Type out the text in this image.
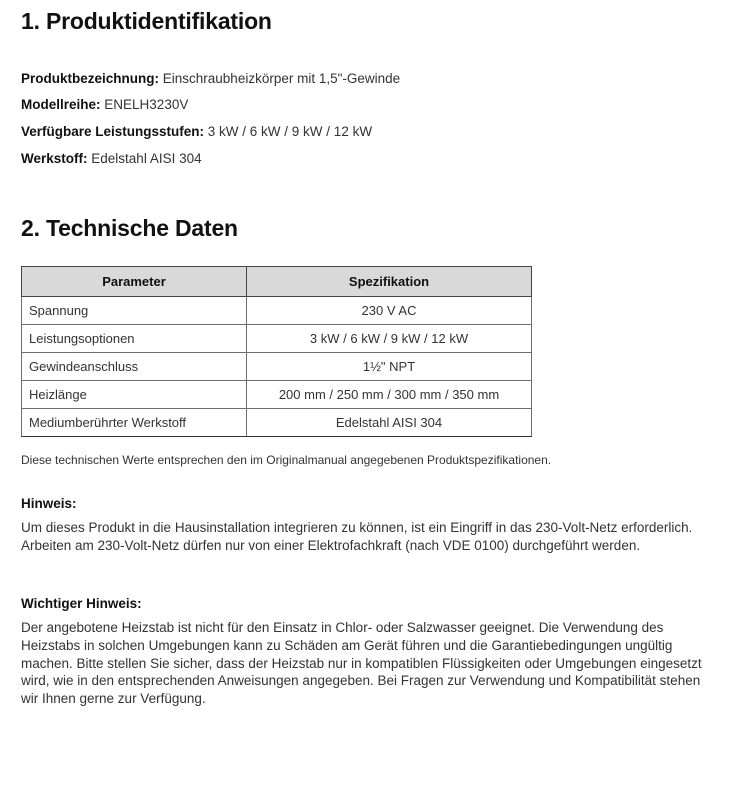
1. Produktidentifikation
Produktbezeichnung: Einschraubheizkörper mit 1,5"-Gewinde
Modellreihe: ENELH3230V
Verfügbare Leistungsstufen: 3 kW / 6 kW / 9 kW / 12 kW
Werkstoff: Edelstahl AISI 304
2. Technische Daten
Parameter	Spezifikation
Spannung	230 V AC
Leistungsoptionen	3 kW / 6 kW / 9 kW / 12 kW
Gewindeanschluss	1½" NPT
Heizlänge	200 mm / 250 mm / 300 mm / 350 mm
Mediumberührter Werkstoff	Edelstahl AISI 304
Diese technischen Werte entsprechen den im Originalmanual angegebenen Produktspezifikationen.
Hinweis:

Um dieses Produkt in die Hausinstallation integrieren zu können, ist ein Eingriff in das 230-Volt-Netz erforderlich. Arbeiten am 230-Volt-Netz dürfen nur von einer Elektrofachkraft (nach VDE 0100) durchgeführt werden.

Wichtiger Hinweis:

Der angebotene Heizstab ist nicht für den Einsatz in Chlor- oder Salzwasser geeignet. Die Verwendung des Heizstabs in solchen Umgebungen kann zu Schäden am Gerät führen und die Garantiebedingungen ungültig machen. Bitte stellen Sie sicher, dass der Heizstab nur in kompatiblen Flüssigkeiten oder Umgebungen eingesetzt wird, wie in den entsprechenden Anweisungen angegeben. Bei Fragen zur Verwendung und Kompatibilität stehen wir Ihnen gerne zur Verfügung.
